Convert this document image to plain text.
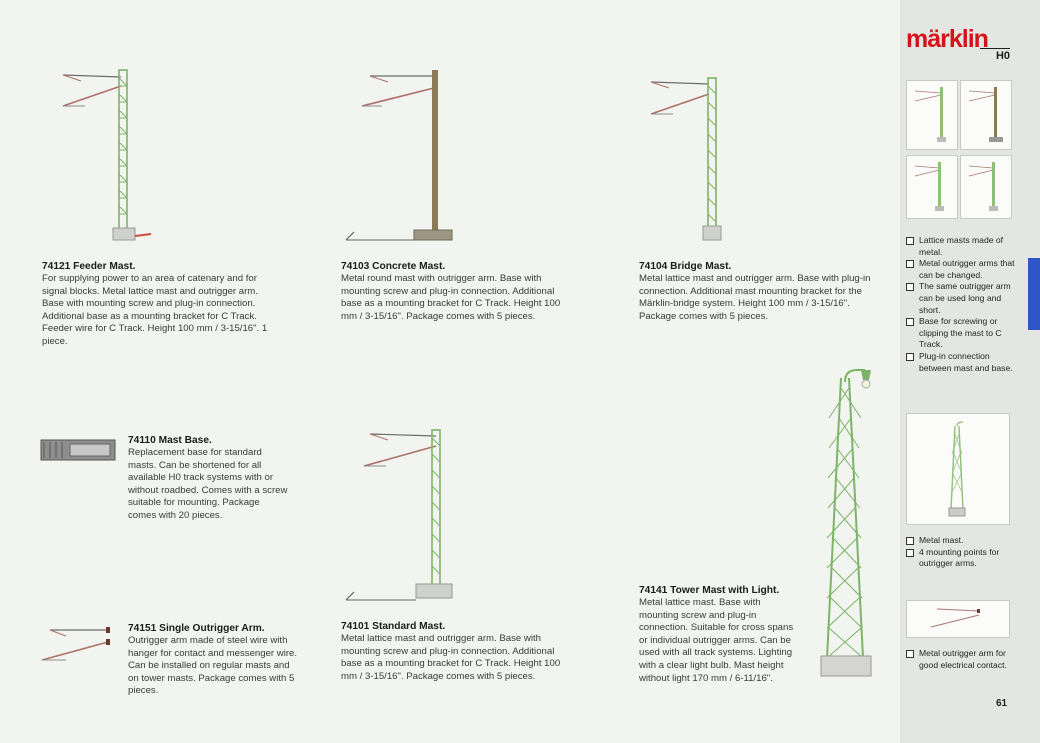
74121 Feeder Mast.

For supplying power to an area of catenary and for signal blocks. Metal lattice mast and outrigger arm. Base with mounting screw and plug-in connection. Additional base as a mounting bracket for C Track. Feeder wire for C Track. Height 100 mm / 3-15/16". 1 piece.

74103 Concrete Mast.

Metal round mast with outrigger arm. Base with mounting screw and plug-in connection. Additional base as a mounting bracket for C Track. Height 100 mm / 3-15/16". Package comes with 5 pieces.

74104 Bridge Mast.

Metal lattice mast and outrigger arm. Base with plug-in connection. Additional mast mounting bracket for the Märklin-bridge system. Height 100 mm / 3-15/16". Package comes with 5 pieces.

74110 Mast Base.

Replacement base for standard masts. Can be shortened for all available H0 track systems with or without roadbed. Comes with a screw suitable for mounting. Package comes with 20 pieces.

74101 Standard Mast.

Metal lattice mast and outrigger arm. Base with mounting screw and plug-in connection. Additional base as a mounting bracket for C Track. Height 100 mm / 3-15/16". Package comes with 5 pieces.

74151 Single Outrigger Arm.

Outrigger arm made of steel wire with hanger for contact and messenger wire. Can be installed on regular masts and on tower masts. Package comes with 5 pieces.

74141 Tower Mast with Light.

Metal lattice mast. Base with mounting screw and plug-in connection. Suitable for cross spans or individual outrigger arms. Can be used with all track systems. Lighting with a clear light bulb. Mast height without light 170 mm / 6-11/16".

märklin
H0
Lattice masts made of metal.
Metal outrigger arms that can be changed.
The same outrigger arm can be used long and short.
Base for screwing or clipping the mast to C Track.
Plug-in connection between mast and base.
Metal mast.
4 mounting points for outrigger arms.
Metal outrigger arm for good electrical contact.
61
